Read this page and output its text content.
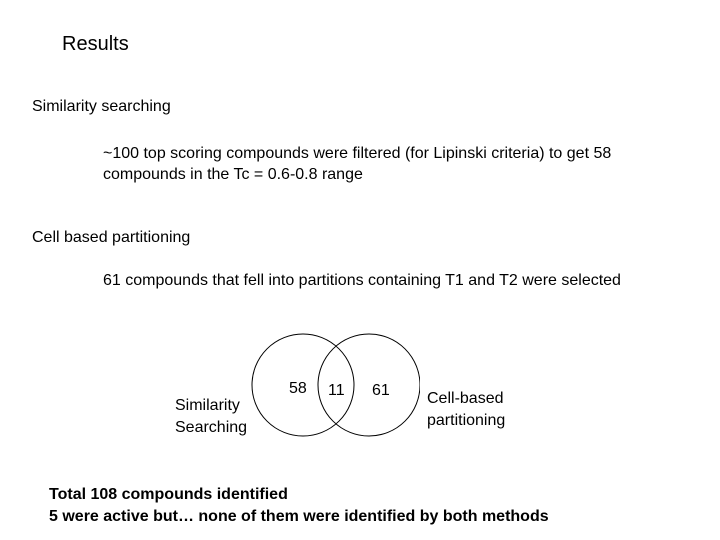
Results
Similarity searching
~100 top scoring compounds were filtered (for Lipinski criteria) to get 58
compounds in the Tc = 0.6-0.8 range
Cell based partitioning
61 compounds that fell into partitions containing T1 and T2 were selected
58 11 61
Similarity
Searching
Cell-based
partitioning
Total 108 compounds identified
5 were active but… none of them were identified by both methods
